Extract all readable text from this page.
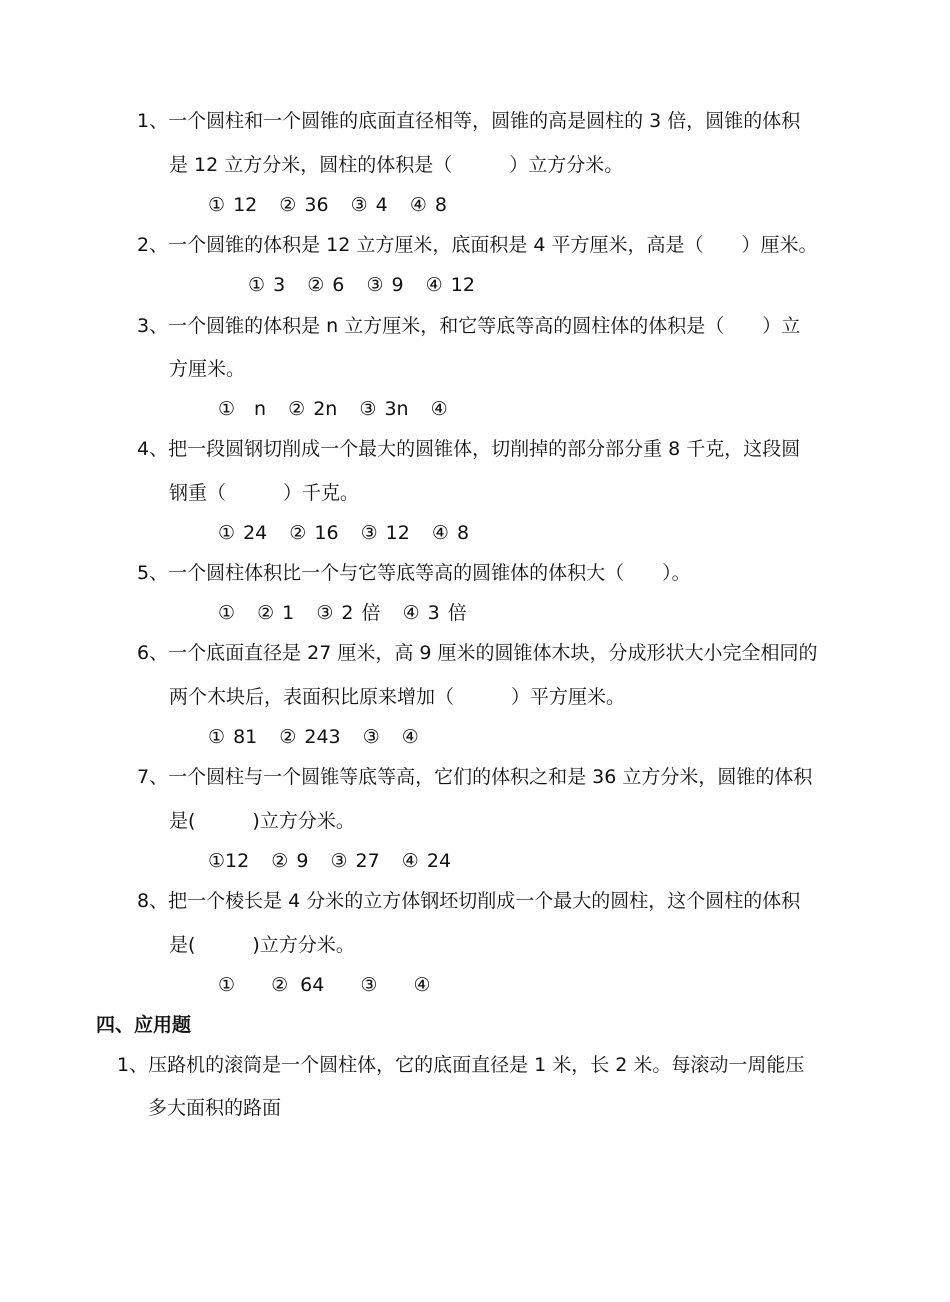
1、一个圆柱和一个圆锥的底面直径相等，圆锥的高是圆柱的 3 倍，圆锥的体积
是 12 立方分米，圆柱的体积是（　　　）立方分米。
① 12 ② 36 ③ 4 ④ 8
2、一个圆锥的体积是 12 立方厘米，底面积是 4 平方厘米，高是（　　）厘米。
① 3 ② 6 ③ 9 ④ 12
3、一个圆锥的体积是 n 立方厘米，和它等底等高的圆柱体的体积是（　　）立
方厘米。
①　n ② 2n ③ 3n ④
4、把一段圆钢切削成一个最大的圆锥体，切削掉的部分部分重 8 千克，这段圆
钢重（　　　）千克。
① 24 ② 16 ③ 12 ④ 8
5、一个圆柱体积比一个与它等底等高的圆锥体的体积大（　　）。
① ② 1 ③ 2 倍 ④ 3 倍
6、一个底面直径是 27 厘米，高 9 厘米的圆锥体木块，分成形状大小完全相同的
两个木块后，表面积比原来增加（　　　）平方厘米。
① 81 ② 243 ③ ④
7、一个圆柱与一个圆锥等底等高，它们的体积之和是 36 立方分米，圆锥的体积
是(　　　)立方分米。
①12 ② 9 ③ 27 ④ 24
8、把一个棱长是 4 分米的立方体钢坯切削成一个最大的圆柱，这个圆柱的体积
是(　　　)立方分米。
① ② 64 ③ ④
四、应用题
1、压路机的滚筒是一个圆柱体，它的底面直径是 1 米，长 2 米。每滚动一周能压
多大面积的路面
